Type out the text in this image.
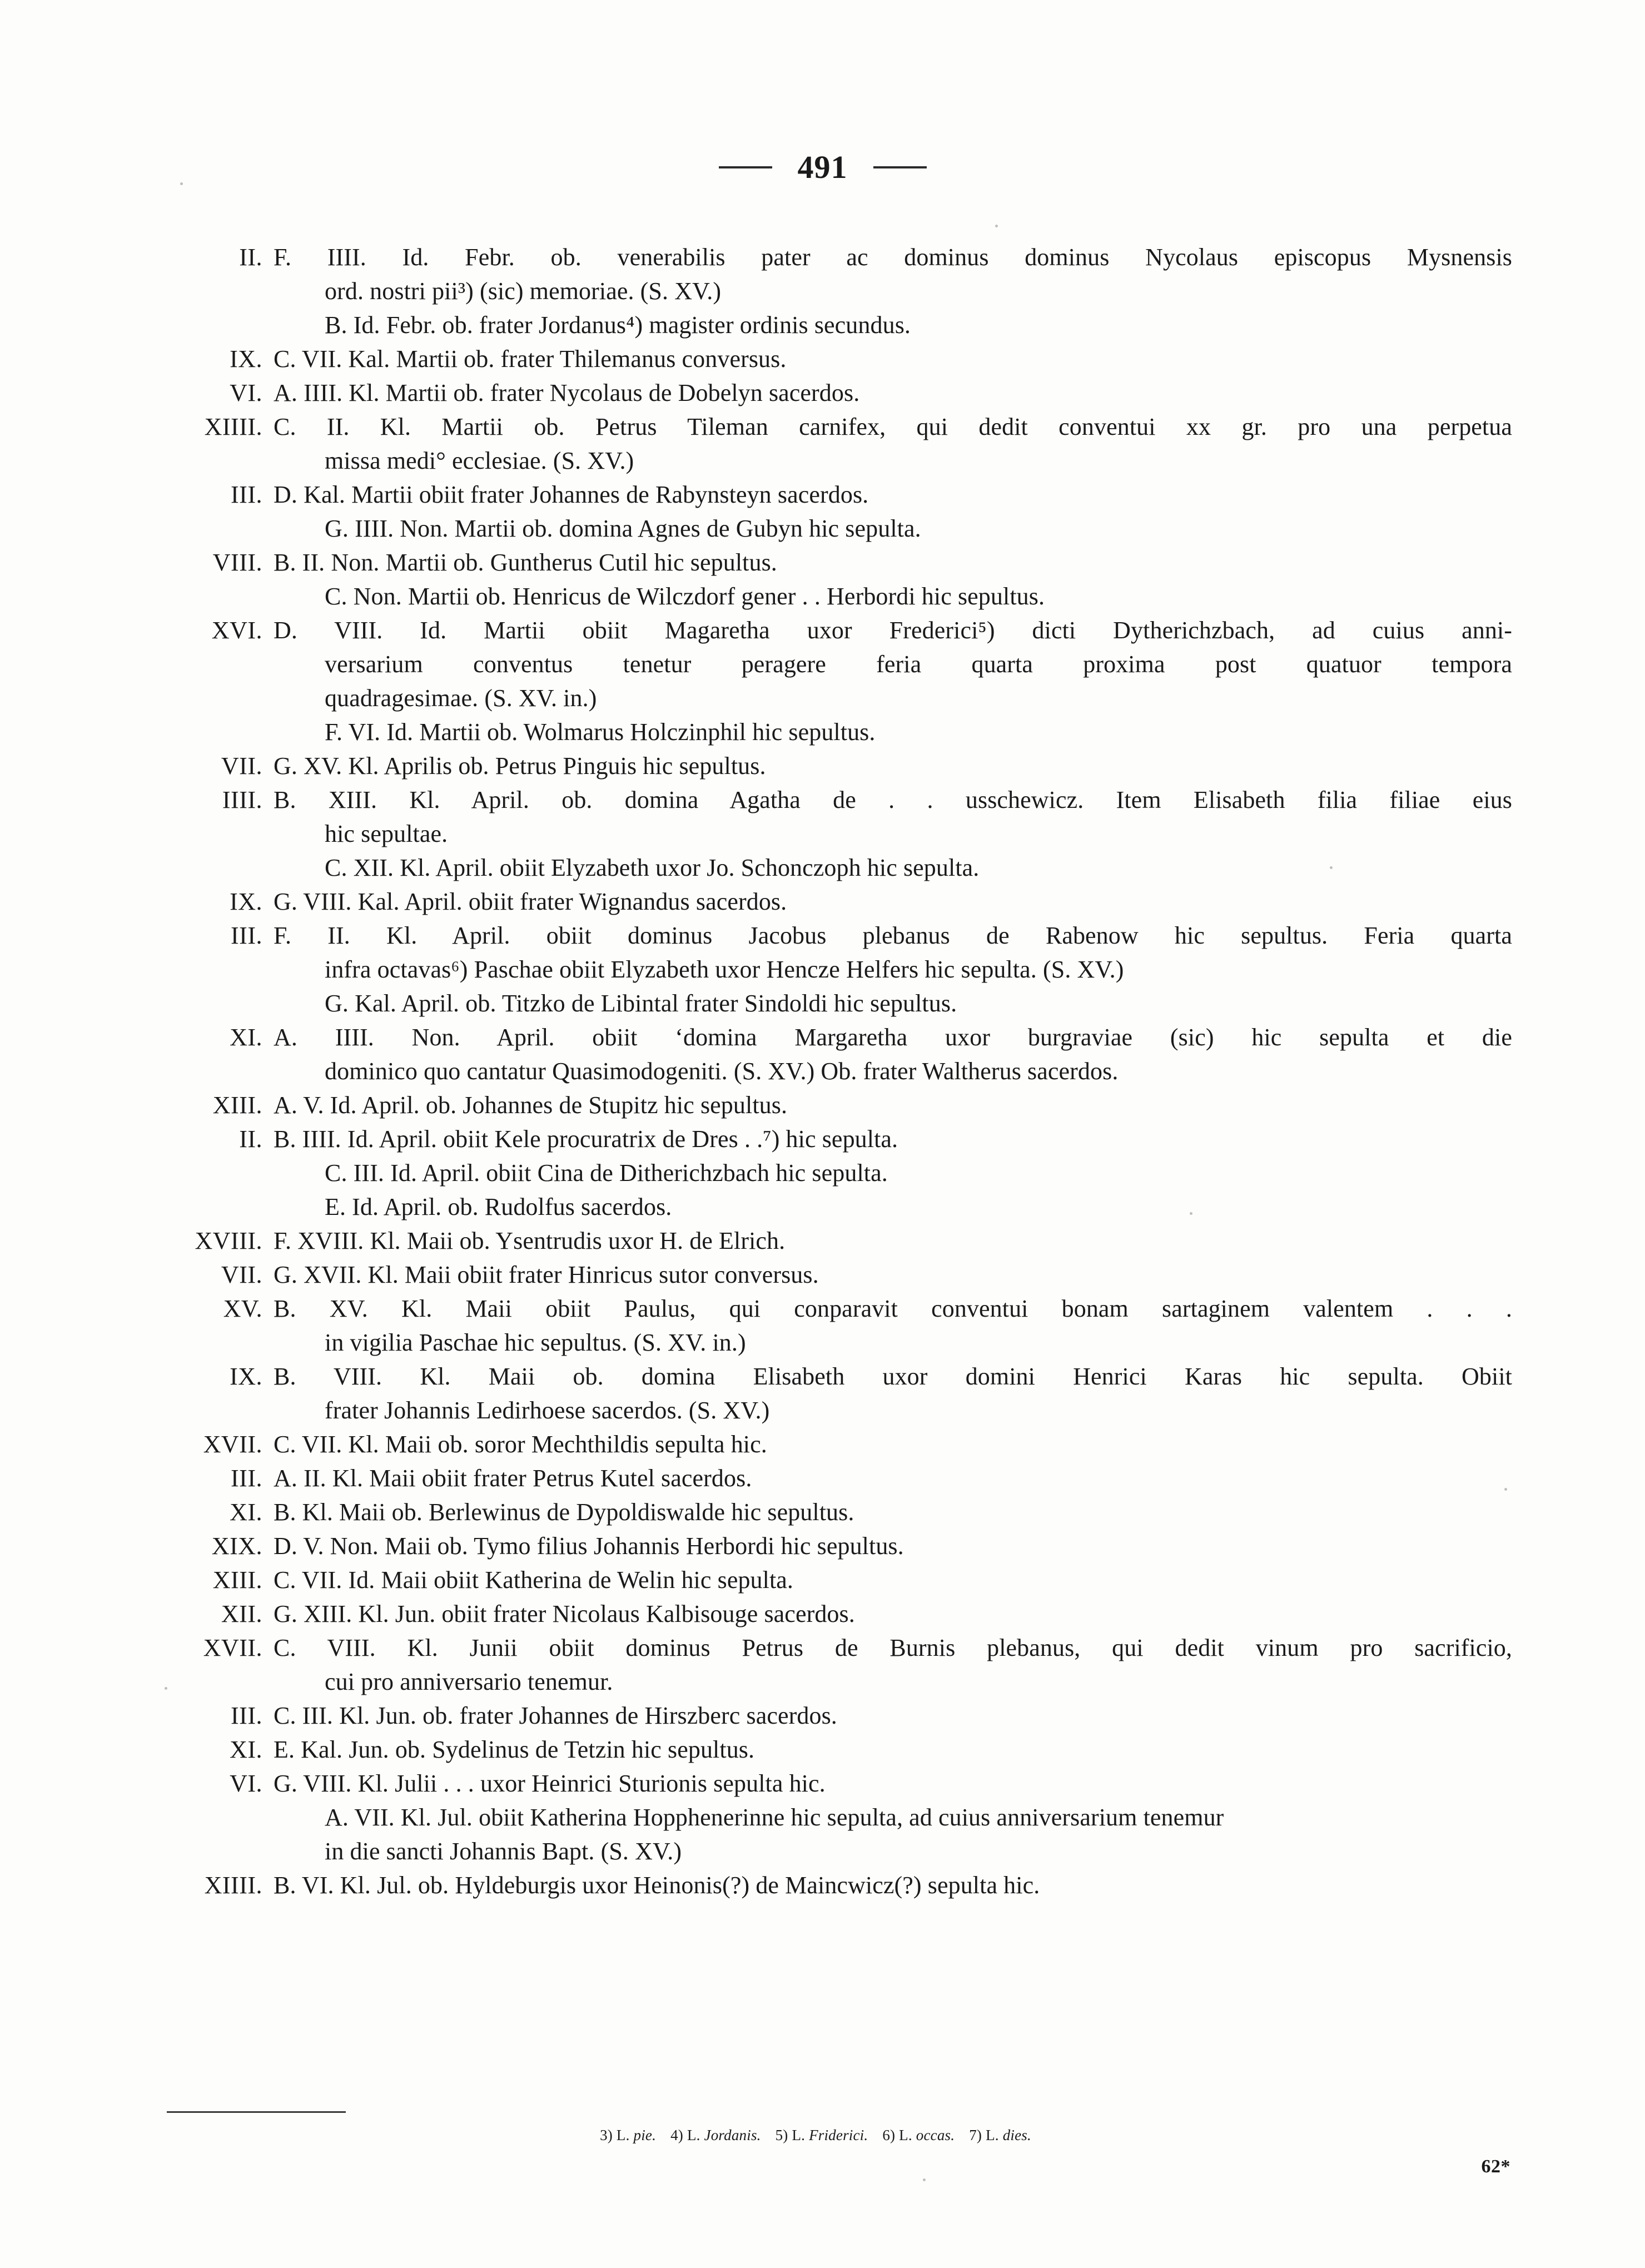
491
II. F. IIII. Id. Febr. ob. venerabilis pater ac dominus dominus Nycolaus episcopus Mysnensis
ord. nostri pii³) (sic) memoriae. (S. XV.)
B. Id. Febr. ob. frater Jordanus⁴) magister ordinis secundus.
IX. C. VII. Kal. Martii ob. frater Thilemanus conversus.
VI. A. IIII. Kl. Martii ob. frater Nycolaus de Dobelyn sacerdos.
XIIII. C. II. Kl. Martii ob. Petrus Tileman carnifex, qui dedit conventui xx gr. pro una perpetua
missa medi° ecclesiae. (S. XV.)
III. D. Kal. Martii obiit frater Johannes de Rabynsteyn sacerdos.
G. IIII. Non. Martii ob. domina Agnes de Gubyn hic sepulta.
VIII. B. II. Non. Martii ob. Guntherus Cutil hic sepultus.
C. Non. Martii ob. Henricus de Wilczdorf gener . . Herbordi hic sepultus.
XVI. D. VIII. Id. Martii obiit Magaretha uxor Frederici⁵) dicti Dytherichzbach, ad cuius anni-
versarium conventus tenetur peragere feria quarta proxima post quatuor tempora
quadragesimae. (S. XV. in.)
F. VI. Id. Martii ob. Wolmarus Holczinphil hic sepultus.
VII. G. XV. Kl. Aprilis ob. Petrus Pinguis hic sepultus.
IIII. B. XIII. Kl. April. ob. domina Agatha de . . usschewicz. Item Elisabeth filia filiae eius
hic sepultae.
C. XII. Kl. April. obiit Elyzabeth uxor Jo. Schonczoph hic sepulta.
IX. G. VIII. Kal. April. obiit frater Wignandus sacerdos.
III. F. II. Kl. April. obiit dominus Jacobus plebanus de Rabenow hic sepultus. Feria quarta
infra octavas⁶) Paschae obiit Elyzabeth uxor Hencze Helfers hic sepulta. (S. XV.)
G. Kal. April. ob. Titzko de Libintal frater Sindoldi hic sepultus.
XI. A. IIII. Non. April. obiit ʻdomina Margaretha uxor burgraviae (sic) hic sepulta et die
dominico quo cantatur Quasimodogeniti. (S. XV.) Ob. frater Waltherus sacerdos.
XIII. A. V. Id. April. ob. Johannes de Stupitz hic sepultus.
II. B. IIII. Id. April. obiit Kele procuratrix de Dres . .⁷) hic sepulta.
C. III. Id. April. obiit Cina de Ditherichzbach hic sepulta.
E. Id. April. ob. Rudolfus sacerdos.
XVIII. F. XVIII. Kl. Maii ob. Ysentrudis uxor H. de Elrich.
VII. G. XVII. Kl. Maii obiit frater Hinricus sutor conversus.
XV. B. XV. Kl. Maii obiit Paulus, qui conparavit conventui bonam sartaginem valentem . . .
in vigilia Paschae hic sepultus. (S. XV. in.)
IX. B. VIII. Kl. Maii ob. domina Elisabeth uxor domini Henrici Karas hic sepulta. Obiit
frater Johannis Ledirhoese sacerdos. (S. XV.)
XVII. C. VII. Kl. Maii ob. soror Mechthildis sepulta hic.
III. A. II. Kl. Maii obiit frater Petrus Kutel sacerdos.
XI. B. Kl. Maii ob. Berlewinus de Dypoldiswalde hic sepultus.
XIX. D. V. Non. Maii ob. Tymo filius Johannis Herbordi hic sepultus.
XIII. C. VII. Id. Maii obiit Katherina de Welin hic sepulta.
XII. G. XIII. Kl. Jun. obiit frater Nicolaus Kalbisouge sacerdos.
XVII. C. VIII. Kl. Junii obiit dominus Petrus de Burnis plebanus, qui dedit vinum pro sacrificio,
cui pro anniversario tenemur.
III. C. III. Kl. Jun. ob. frater Johannes de Hirszberc sacerdos.
XI. E. Kal. Jun. ob. Sydelinus de Tetzin hic sepultus.
VI. G. VIII. Kl. Julii . . . uxor Heinrici Sturionis sepulta hic.
A. VII. Kl. Jul. obiit Katherina Hopphenerinne hic sepulta, ad cuius anniversarium tenemur
in die sancti Johannis Bapt. (S. XV.)
XIIII. B. VI. Kl. Jul. ob. Hyldeburgis uxor Heinonis(?) de Maincwicz(?) sepulta hic.
3) L. pie. 4) L. Jordanis. 5) L. Friderici. 6) L. occas. 7) L. dies.
62*
